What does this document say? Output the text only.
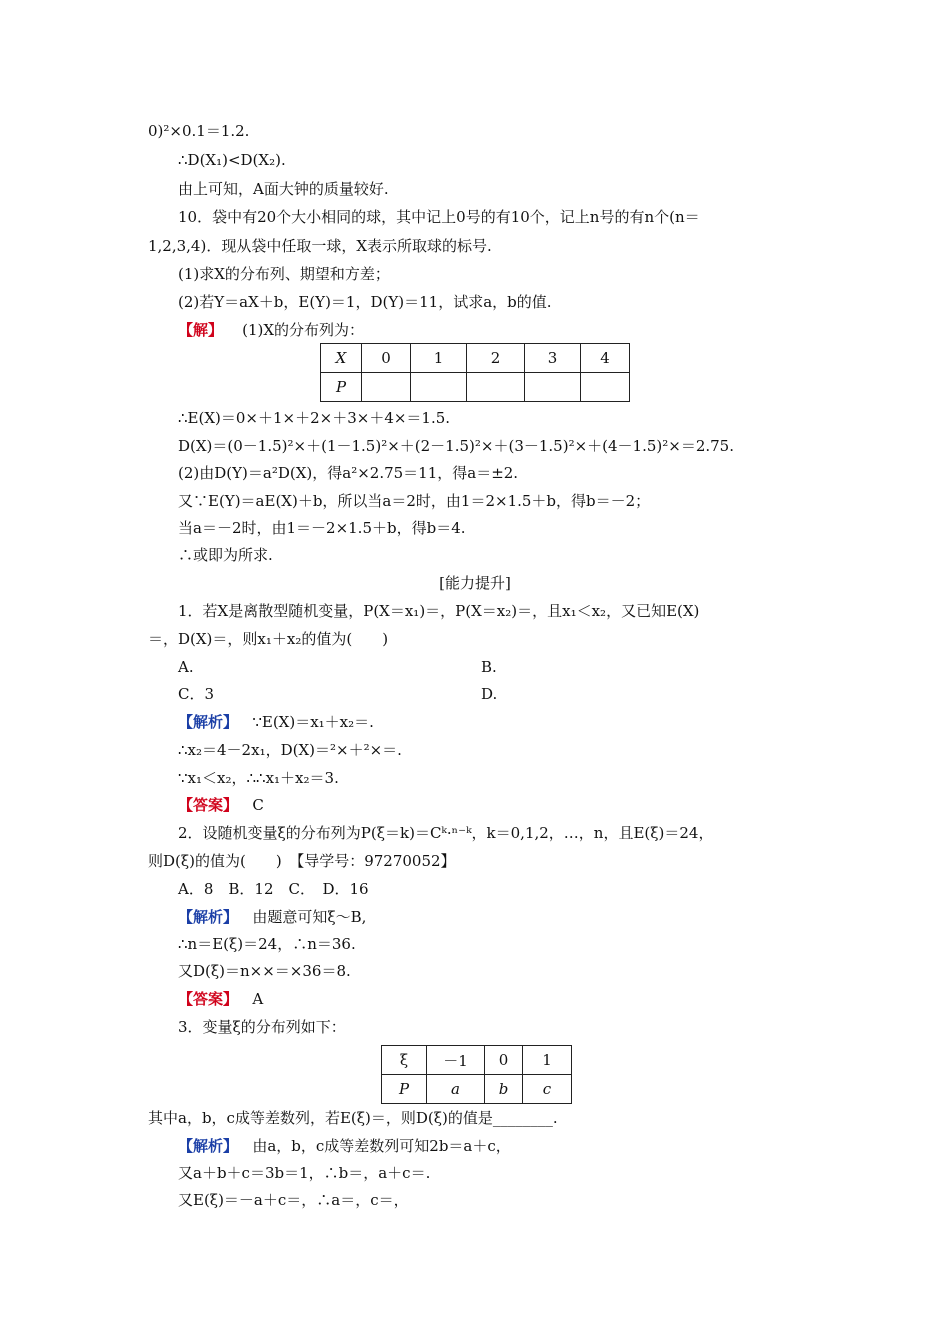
0)²×0.1＝1.2.
∴D(X₁)<D(X₂).
由上可知，A面大钟的质量较好.
10．袋中有20个大小相同的球，其中记上0号的有10个，记上n号的有n个(n＝
1,2,3,4)．现从袋中任取一球，X表示所取球的标号.
(1)求X的分布列、期望和方差；
(2)若Y＝aX＋b，E(Y)＝1，D(Y)＝11，试求a，b的值.
【解】 (1)X的分布列为：
X	0	1	2	3	4
P					
∴E(X)＝0×＋1×＋2×＋3×＋4×＝1.5.
D(X)＝(0－1.5)²×＋(1－1.5)²×＋(2－1.5)²×＋(3－1.5)²×＋(4－1.5)²×＝2.75.
(2)由D(Y)＝a²D(X)，得a²×2.75＝11，得a＝±2.
又∵E(Y)＝aE(X)＋b，所以当a＝2时，由1＝2×1.5＋b，得b＝－2；
当a＝－2时，由1＝－2×1.5＋b，得b＝4.
∴或即为所求.
[能力提升]
1．若X是离散型随机变量，P(X＝x₁)＝，P(X＝x₂)＝，且x₁＜x₂，又已知E(X)
＝，D(X)＝，则x₁＋x₂的值为(　　)
A.	B.
C．3	D.
【解析】 ∵E(X)＝x₁＋x₂＝.
∴x₂＝4－2x₁，D(X)＝²×＋²×＝.
∵x₁＜x₂，∴∴x₁＋x₂＝3.
【答案】 C
2．设随机变量ξ的分布列为P(ξ＝k)＝Cᵏ·ⁿ⁻ᵏ，k＝0,1,2，…，n，且E(ξ)＝24，
则D(ξ)的值为(　　)　【导学号：97270052】
A．8　B．12　C．　D．16
【解析】 由题意可知ξ～B,
∴n＝E(ξ)＝24，∴n＝36.
又D(ξ)＝n××＝×36＝8.
【答案】 A
3．变量ξ的分布列如下：
ξ	－1	0	1
P	a	b	c
其中a，b，c成等差数列，若E(ξ)＝，则D(ξ)的值是________.
【解析】 由a，b，c成等差数列可知2b＝a＋c，
又a＋b＋c＝3b＝1，∴b＝，a＋c＝.
又E(ξ)＝－a＋c＝，∴a＝，c＝，
